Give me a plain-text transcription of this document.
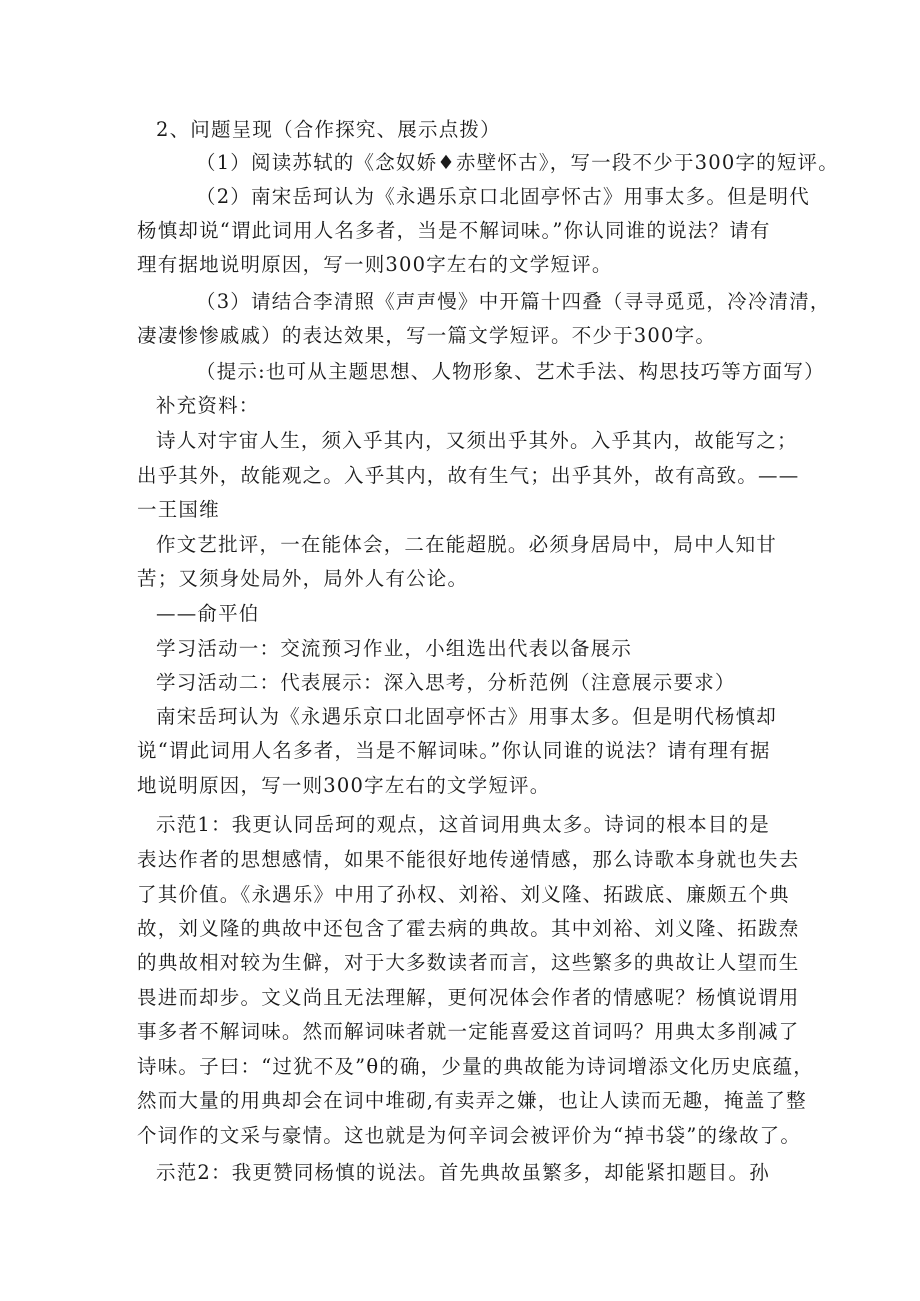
2、问题呈现（合作探究、展示点拨）
（1）阅读苏轼的《念奴娇♦赤壁怀古》，写一段不少于300字的短评。
（2）南宋岳珂认为《永遇乐京口北固亭怀古》用事太多。但是明代
杨慎却说“谓此词用人名多者，当是不解词味。”你认同谁的说法？请有
理有据地说明原因，写一则300字左右的文学短评。
（3）请结合李清照《声声慢》中开篇十四叠（寻寻觅觅，冷冷清清，
凄凄惨惨戚戚）的表达效果，写一篇文学短评。不少于300字。
（提示:也可从主题思想、人物形象、艺术手法、构思技巧等方面写）
补充资料：
诗人对宇宙人生，须入乎其内，又须出乎其外。入乎其内，故能写之；
出乎其外，故能观之。入乎其内，故有生气；出乎其外，故有高致。——
一王国维
作文艺批评，一在能体会，二在能超脱。必须身居局中，局中人知甘
苦；又须身处局外，局外人有公论。
——俞平伯
学习活动一：交流预习作业，小组选出代表以备展示
学习活动二：代表展示：深入思考，分析范例（注意展示要求）
南宋岳珂认为《永遇乐京口北固亭怀古》用事太多。但是明代杨慎却
说“谓此词用人名多者，当是不解词味。”你认同谁的说法？请有理有据
地说明原因，写一则300字左右的文学短评。
示范1：我更认同岳珂的观点，这首词用典太多。诗词的根本目的是
表达作者的思想感情，如果不能很好地传递情感，那么诗歌本身就也失去
了其价值。《永遇乐》中用了孙权、刘裕、刘义隆、拓跋底、廉颇五个典
故，刘义隆的典故中还包含了霍去病的典故。其中刘裕、刘义隆、拓跋焘
的典故相对较为生僻，对于大多数读者而言，这些繁多的典故让人望而生
畏进而却步。文义尚且无法理解，更何况体会作者的情感呢？杨慎说谓用
事多者不解词味。然而解词味者就一定能喜爱这首词吗？用典太多削减了
诗味。子曰：“过犹不及”θ的确，少量的典故能为诗词增添文化历史底蕴，
然而大量的用典却会在词中堆砌,有卖弄之嫌，也让人读而无趣，掩盖了整
个词作的文采与豪情。这也就是为何辛词会被评价为“掉书袋”的缘故了。
示范2：我更赞同杨慎的说法。首先典故虽繁多，却能紧扣题目。孙
